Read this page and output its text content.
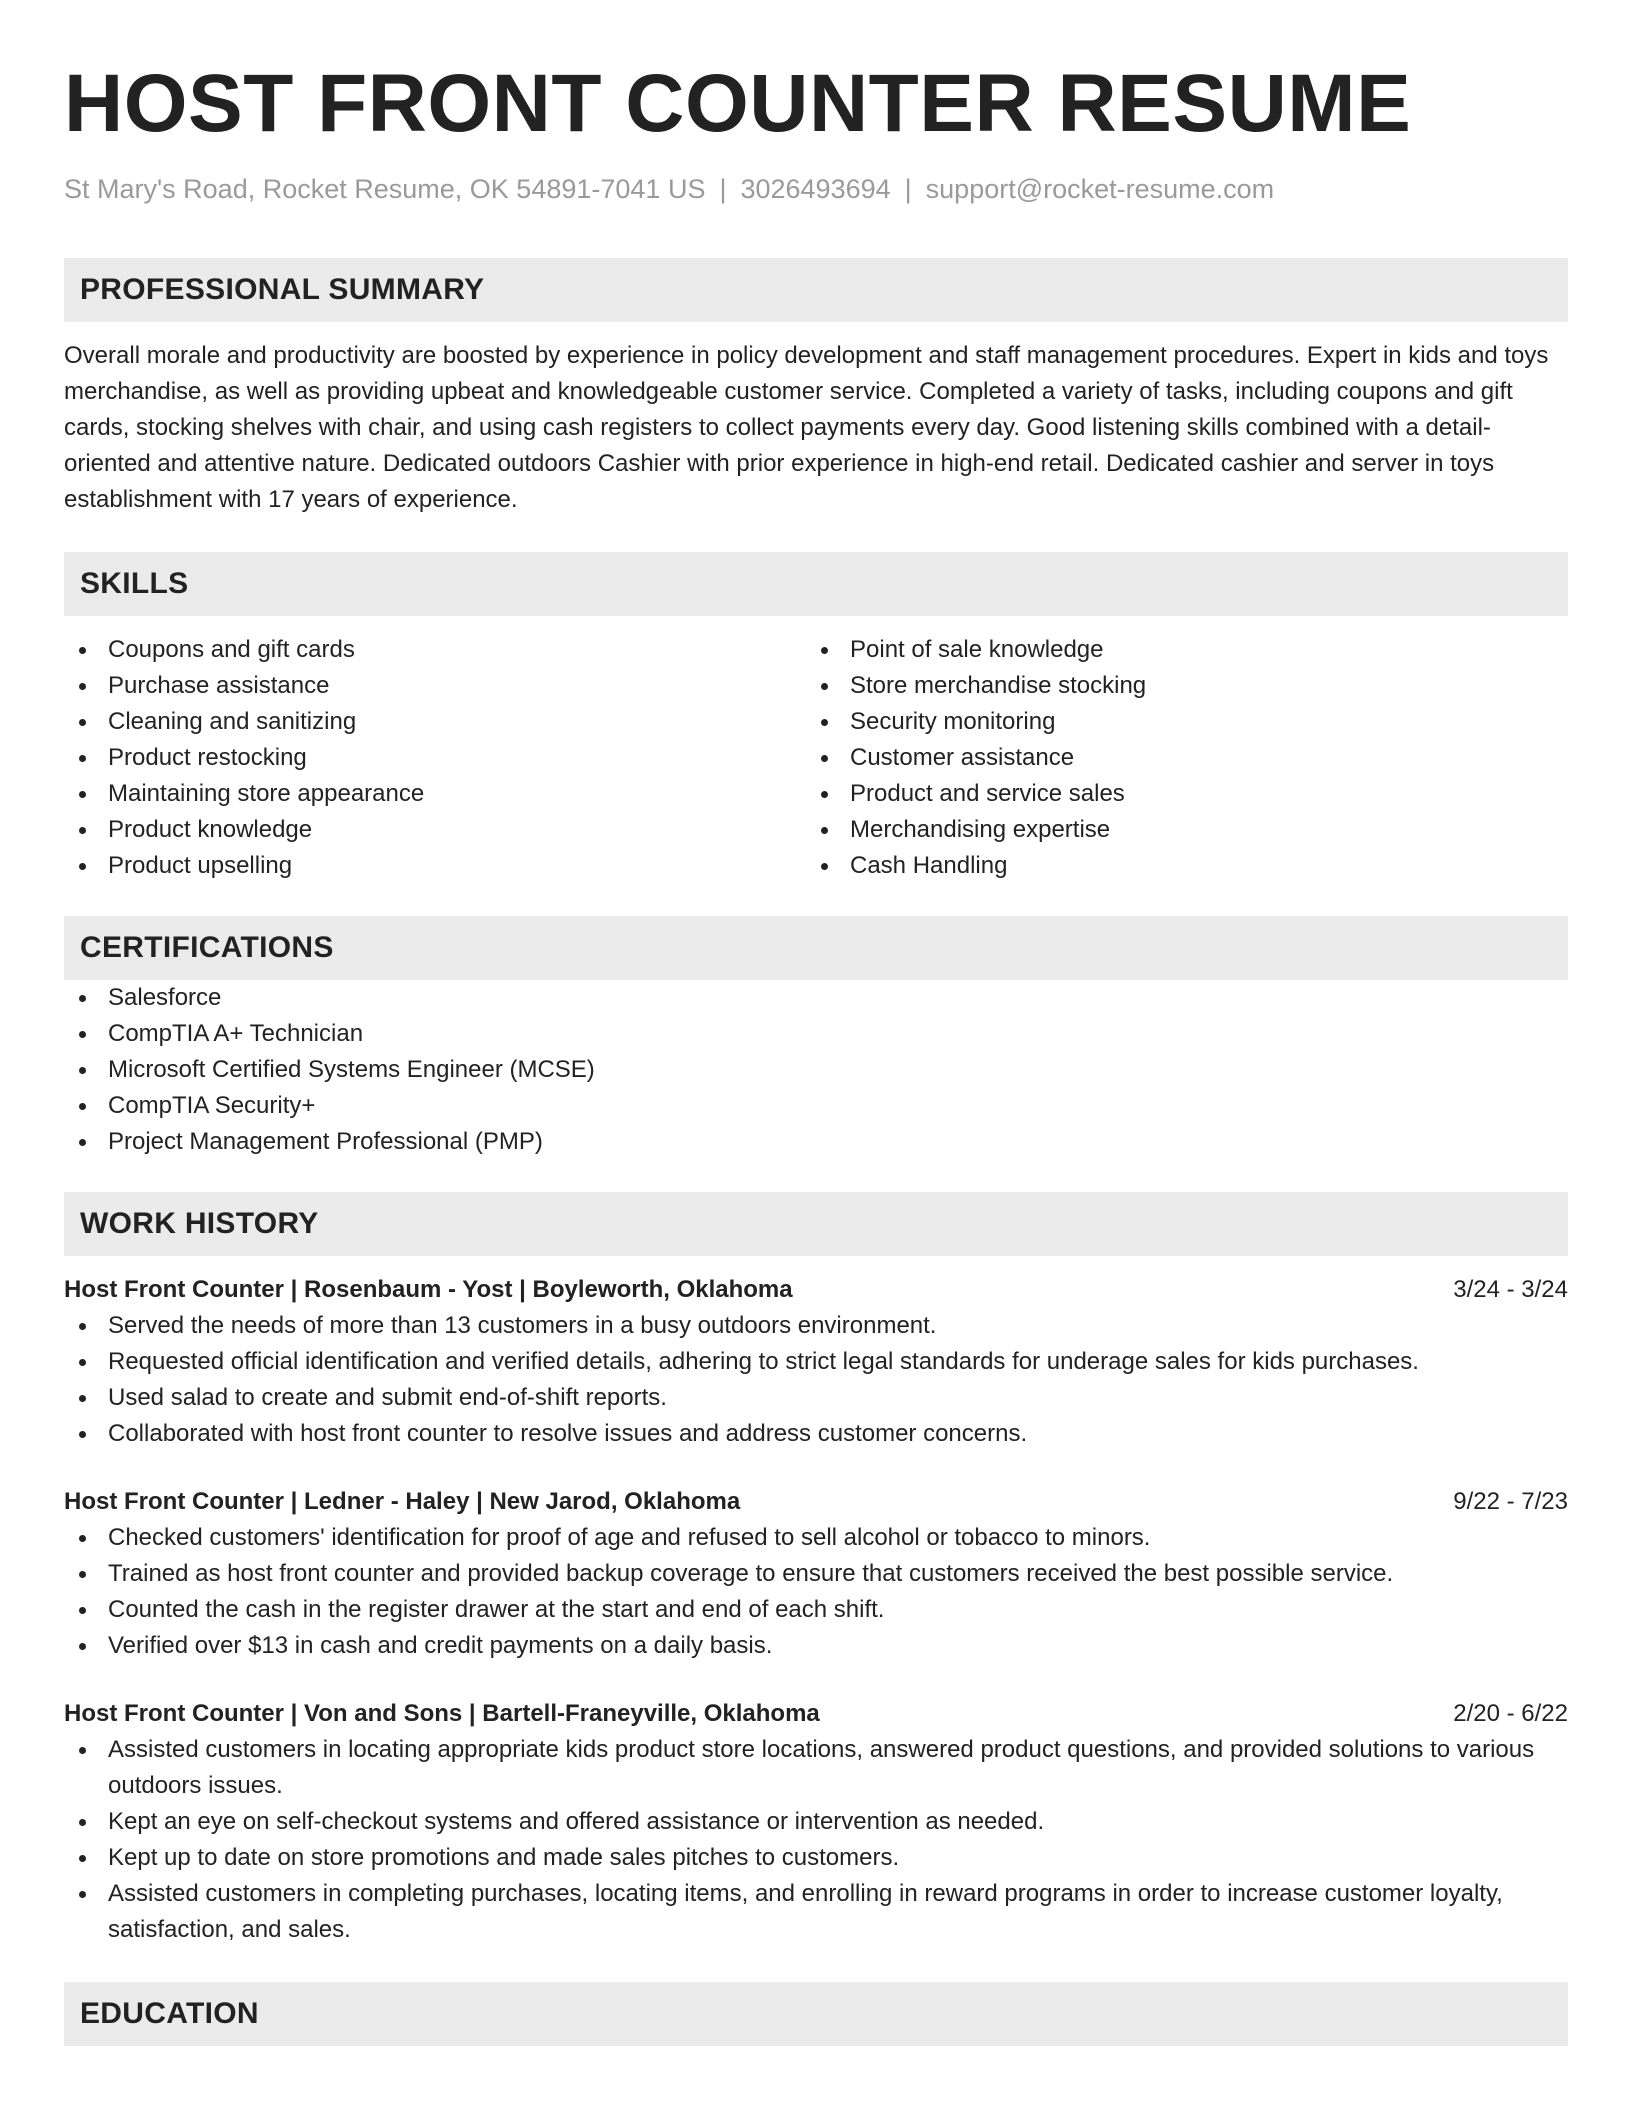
HOST FRONT COUNTER RESUME
St Mary's Road, Rocket Resume, OK 54891-7041 US | 3026493694 | support@rocket-resume.com
PROFESSIONAL SUMMARY

Overall morale and productivity are boosted by experience in policy development and staff management procedures. Expert in kids and toys merchandise, as well as providing upbeat and knowledgeable customer service. Completed a variety of tasks, including coupons and gift cards, stocking shelves with chair, and using cash registers to collect payments every day. Good listening skills combined with a detail-oriented and attentive nature. Dedicated outdoors Cashier with prior experience in high-end retail. Dedicated cashier and server in toys establishment with 17 years of experience.

SKILLS
Coupons and gift cards
Purchase assistance
Cleaning and sanitizing
Product restocking
Maintaining store appearance
Product knowledge
Product upselling
Point of sale knowledge
Store merchandise stocking
Security monitoring
Customer assistance
Product and service sales
Merchandising expertise
Cash Handling
CERTIFICATIONS
Salesforce
CompTIA A+ Technician
Microsoft Certified Systems Engineer (MCSE)
CompTIA Security+
Project Management Professional (PMP)
WORK HISTORY
Host Front Counter | Rosenbaum - Yost | Boyleworth, Oklahoma	3/24 - 3/24
Served the needs of more than 13 customers in a busy outdoors environment.
Requested official identification and verified details, adhering to strict legal standards for underage sales for kids purchases.
Used salad to create and submit end-of-shift reports.
Collaborated with host front counter to resolve issues and address customer concerns.
Host Front Counter | Ledner - Haley | New Jarod, Oklahoma	9/22 - 7/23
Checked customers' identification for proof of age and refused to sell alcohol or tobacco to minors.
Trained as host front counter and provided backup coverage to ensure that customers received the best possible service.
Counted the cash in the register drawer at the start and end of each shift.
Verified over $13 in cash and credit payments on a daily basis.
Host Front Counter | Von and Sons | Bartell-Franeyville, Oklahoma	2/20 - 6/22
Assisted customers in locating appropriate kids product store locations, answered product questions, and provided solutions to various outdoors issues.
Kept an eye on self-checkout systems and offered assistance or intervention as needed.
Kept up to date on store promotions and made sales pitches to customers.
Assisted customers in completing purchases, locating items, and enrolling in reward programs in order to increase customer loyalty, satisfaction, and sales.
EDUCATION
